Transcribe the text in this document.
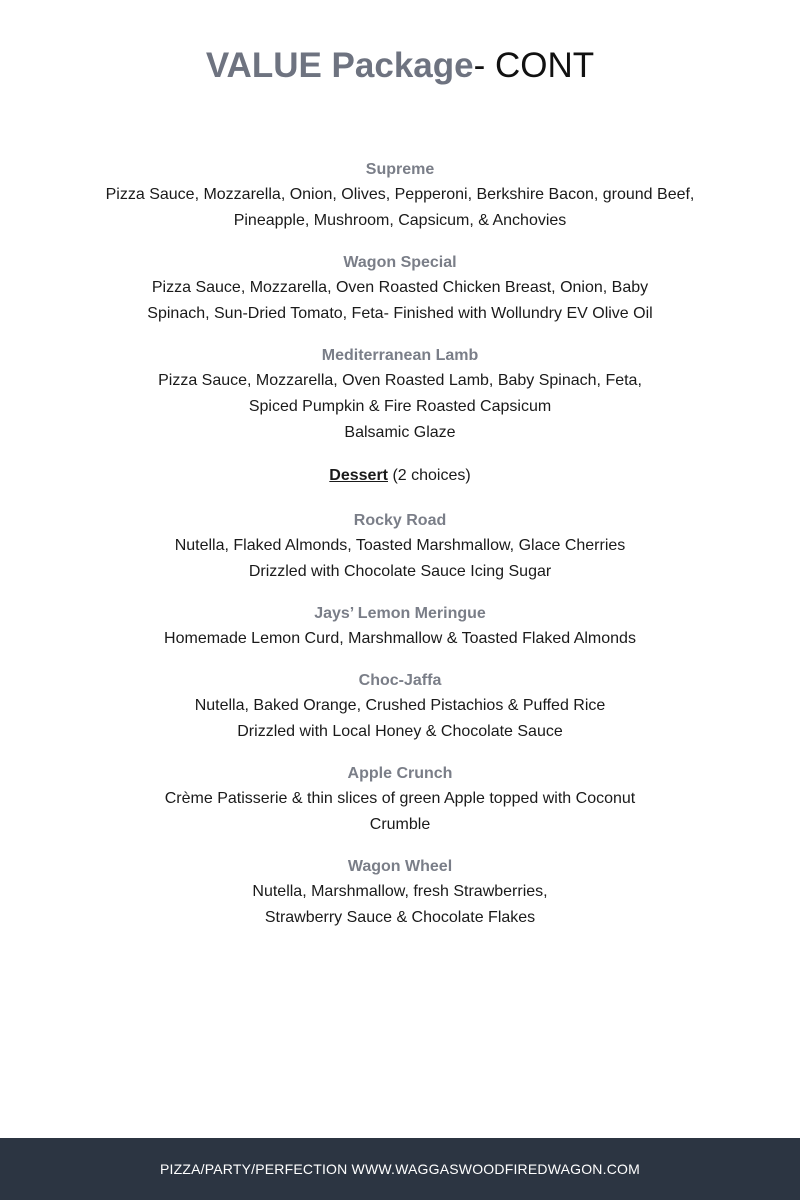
VALUE Package- CONT
Supreme
Pizza Sauce, Mozzarella, Onion, Olives, Pepperoni, Berkshire Bacon, ground Beef,
Pineapple, Mushroom, Capsicum, & Anchovies
Wagon Special
Pizza Sauce, Mozzarella, Oven Roasted Chicken Breast, Onion, Baby
Spinach, Sun-Dried Tomato, Feta- Finished with Wollundry EV Olive Oil
Mediterranean Lamb
Pizza Sauce, Mozzarella, Oven Roasted Lamb, Baby Spinach, Feta,
Spiced Pumpkin & Fire Roasted Capsicum
Balsamic Glaze
Dessert (2 choices)
Rocky Road
Nutella, Flaked Almonds, Toasted Marshmallow, Glace Cherries
Drizzled with Chocolate Sauce Icing Sugar
Jays’ Lemon Meringue
Homemade Lemon Curd, Marshmallow & Toasted Flaked Almonds
Choc-Jaffa
Nutella, Baked Orange, Crushed Pistachios & Puffed Rice
Drizzled with Local Honey & Chocolate Sauce
Apple Crunch
Crème Patisserie & thin slices of green Apple topped with Coconut
Crumble
Wagon Wheel
Nutella, Marshmallow, fresh Strawberries,
Strawberry Sauce & Chocolate Flakes
PIZZA/PARTY/PERFECTION WWW.WAGGASWOODFIREDWAGON.COM
